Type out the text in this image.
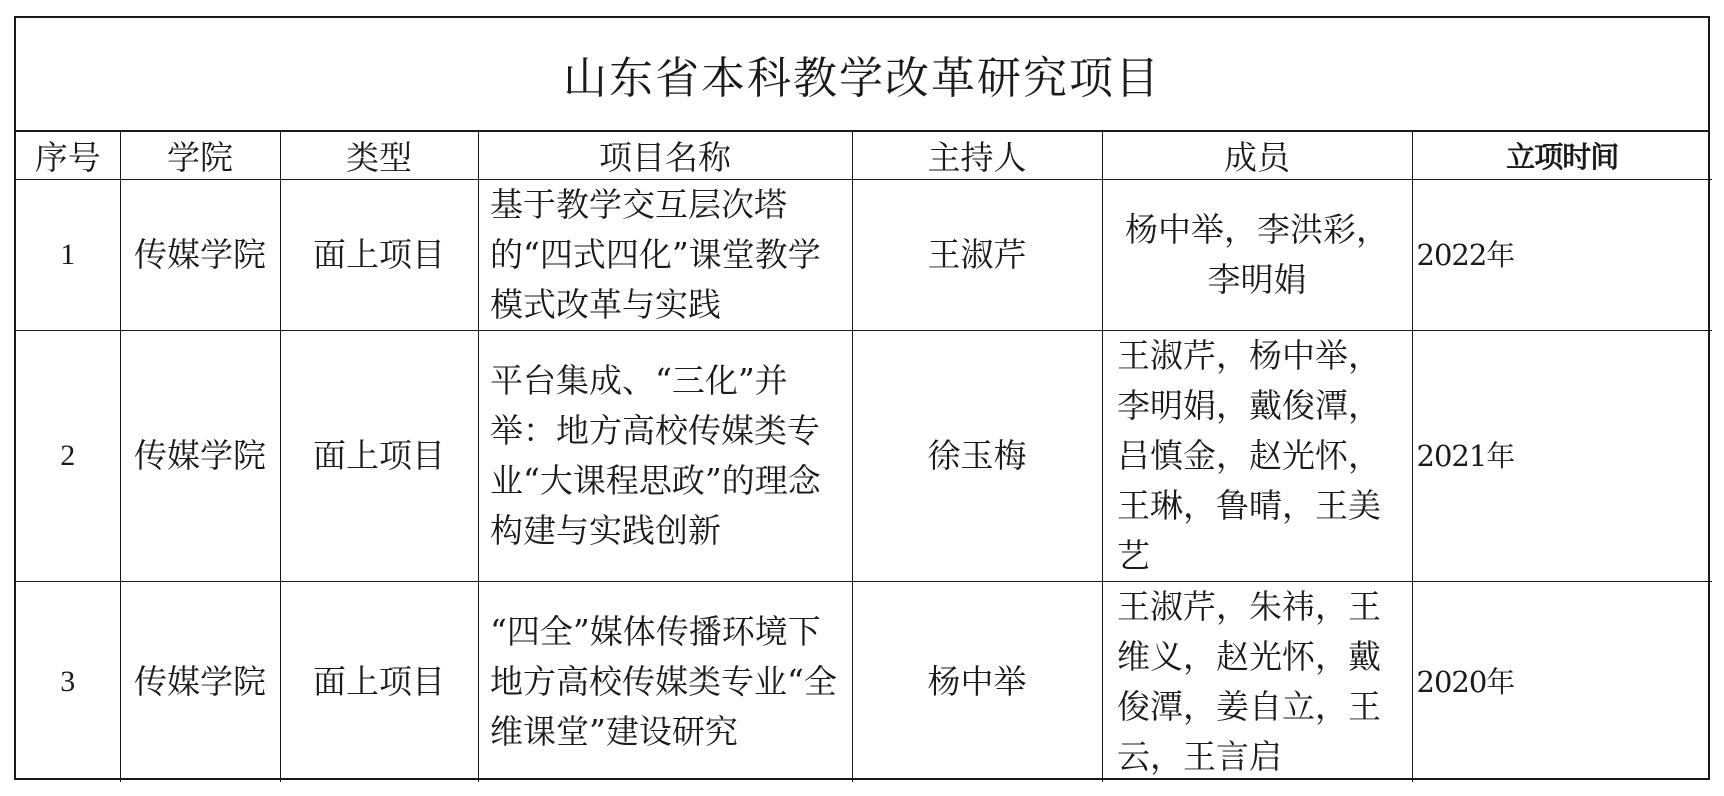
山东省本科教学改革研究项目
序号	学院	类型	项目名称	主持人	成员	立项时间
1	传媒学院	面上项目	基于教学交互层次塔的“四式四化”课堂教学模式改革与实践	王淑芹	杨中举，李洪彩，李明娟	2022年
2	传媒学院	面上项目	平台集成、“三化”并举：地方高校传媒类专业“大课程思政”的理念构建与实践创新	徐玉梅	王淑芹，杨中举，李明娟，戴俊潭，吕慎金，赵光怀，王琳，鲁晴，王美艺	2021年
3	传媒学院	面上项目	“四全”媒体传播环境下地方高校传媒类专业“全维课堂”建设研究	杨中举	王淑芹，朱祎，王维义，赵光怀，戴俊潭，姜自立，王云，王言启	2020年
